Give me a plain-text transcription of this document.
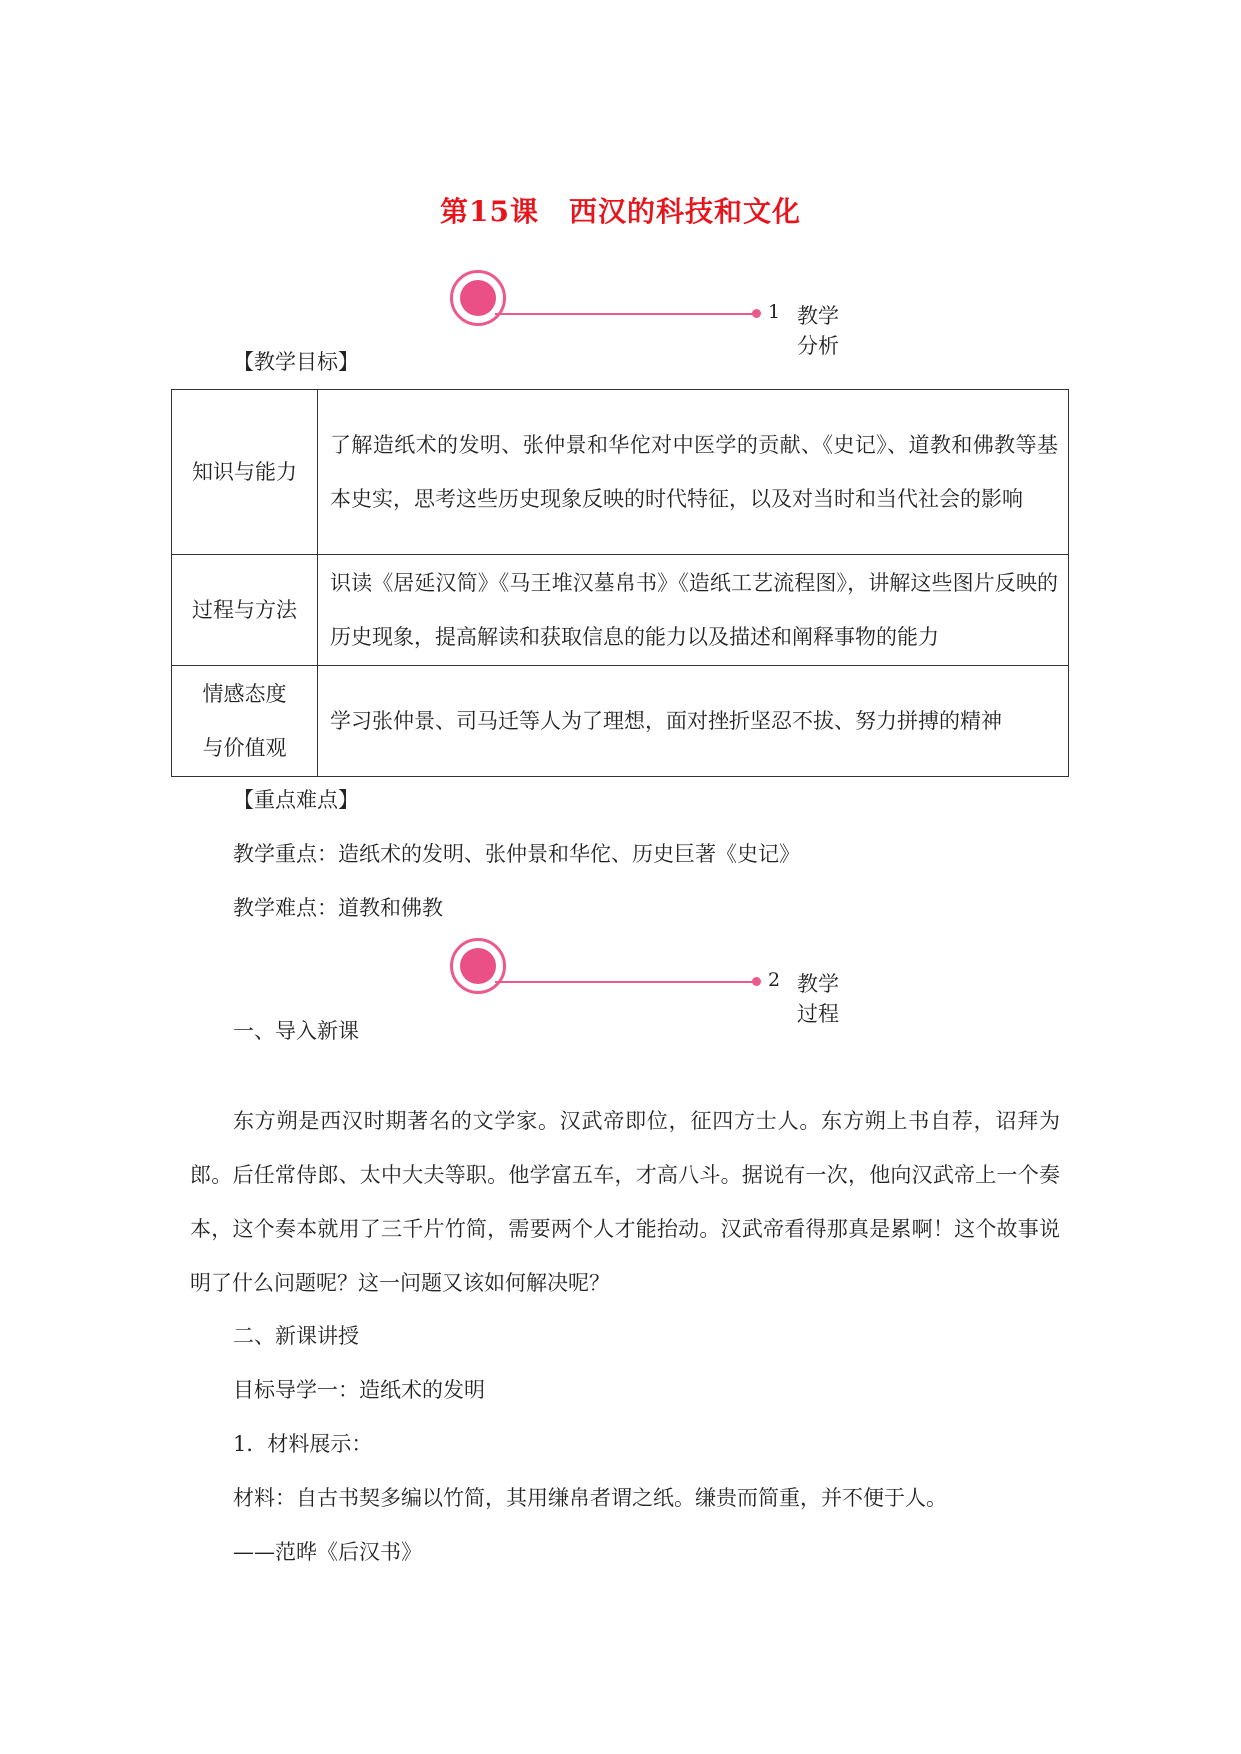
第15课 西汉的科技和文化
1 教学分析
【教学目标】
知识与能力	了解造纸术的发明、张仲景和华佗对中医学的贡献、《史记》、道教和佛教等基本史实，思考这些历史现象反映的时代特征，以及对当时和当代社会的影响
过程与方法	识读《居延汉简》《马王堆汉墓帛书》《造纸工艺流程图》，讲解这些图片反映的历史现象，提高解读和获取信息的能力以及描述和阐释事物的能力
情感态度
与价值观	学习张仲景、司马迁等人为了理想，面对挫折坚忍不拔、努力拼搏的精神
【重点难点】
教学重点：造纸术的发明、张仲景和华佗、历史巨著《史记》
教学难点：道教和佛教
2 教学过程
一、导入新课
东方朔是西汉时期著名的文学家。汉武帝即位，征四方士人。东方朔上书自荐，诏拜为郎。后任常侍郎、太中大夫等职。他学富五车，才高八斗。据说有一次，他向汉武帝上一个奏本，这个奏本就用了三千片竹简，需要两个人才能抬动。汉武帝看得那真是累啊！这个故事说明了什么问题呢？这一问题又该如何解决呢？
二、新课讲授
目标导学一：造纸术的发明
1．材料展示：
材料：自古书契多编以竹简，其用缣帛者谓之纸。缣贵而简重，并不便于人。
——范晔《后汉书》
